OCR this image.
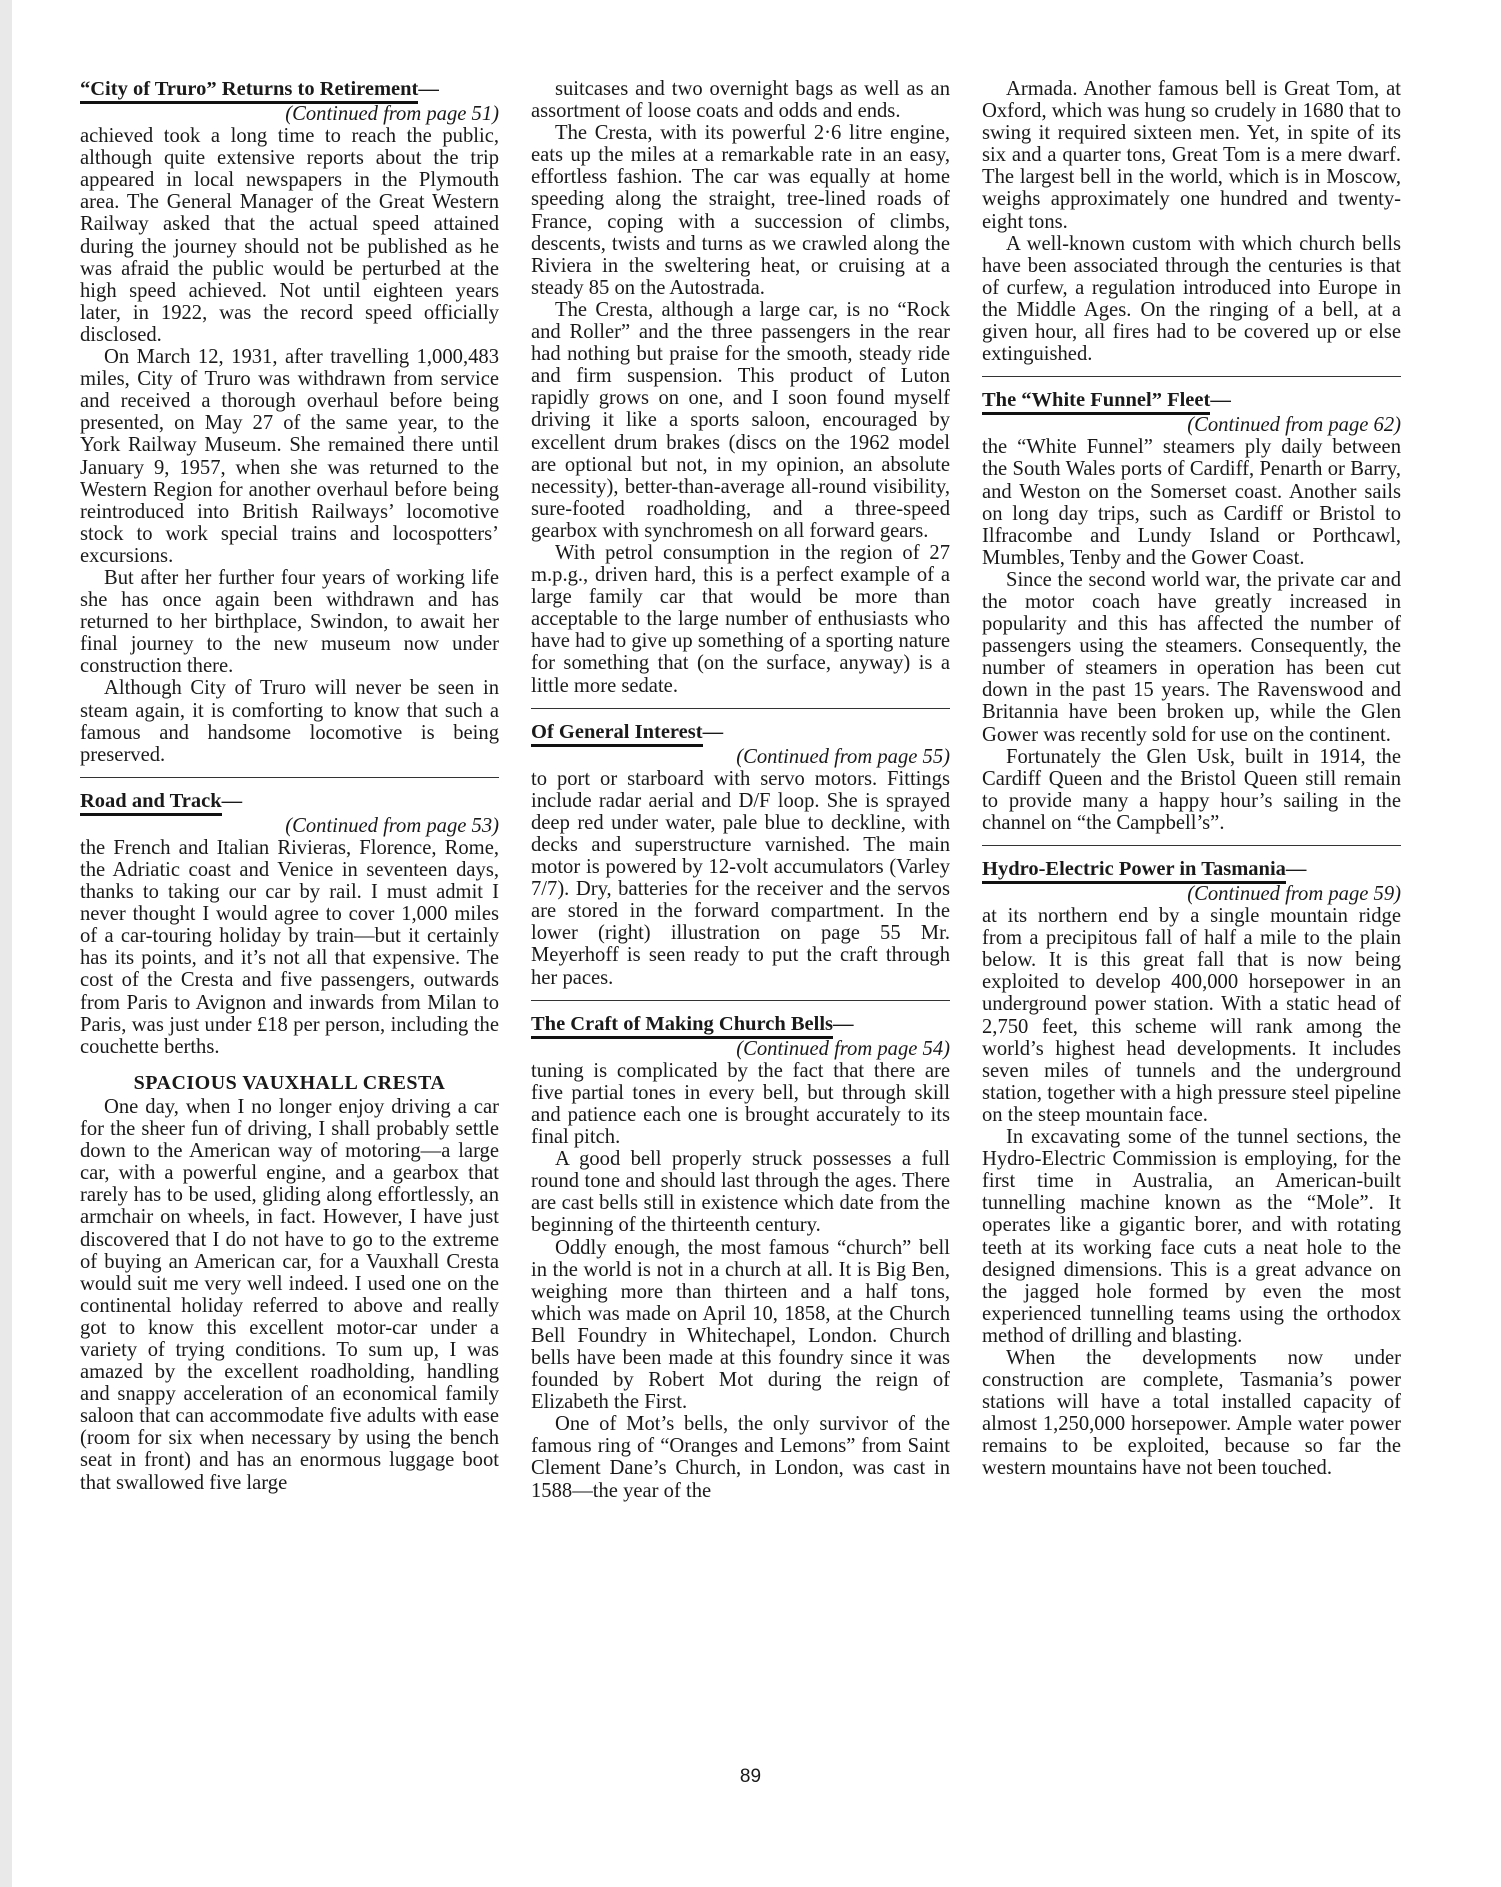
“City of Truro” Returns to Retirement—
(Continued from page 51)

achieved took a long time to reach the public, although quite extensive reports about the trip appeared in local newspapers in the Plymouth area. The General Manager of the Great Western Railway asked that the actual speed attained during the journey should not be published as he was afraid the public would be perturbed at the high speed achieved. Not until eighteen years later, in 1922, was the record speed officially disclosed.

On March 12, 1931, after travelling 1,000,483 miles, City of Truro was withdrawn from service and received a thorough overhaul before being presented, on May 27 of the same year, to the York Railway Museum. She remained there until January 9, 1957, when she was returned to the Western Region for another overhaul before being reintroduced into British Railways’ locomotive stock to work special trains and locospotters’ excursions.

But after her further four years of working life she has once again been withdrawn and has returned to her birthplace, Swindon, to await her final journey to the new museum now under construction there.

Although City of Truro will never be seen in steam again, it is comforting to know that such a famous and handsome locomotive is being preserved.

Road and Track—
(Continued from page 53)

the French and Italian Rivieras, Florence, Rome, the Adriatic coast and Venice in seventeen days, thanks to taking our car by rail. I must admit I never thought I would agree to cover 1,000 miles of a car-touring holiday by train—but it certainly has its points, and it’s not all that expensive. The cost of the Cresta and five passengers, outwards from Paris to Avignon and inwards from Milan to Paris, was just under £18 per person, including the couchette berths.

SPACIOUS VAUXHALL CRESTA

One day, when I no longer enjoy driving a car for the sheer fun of driving, I shall probably settle down to the American way of motoring—a large car, with a powerful engine, and a gearbox that rarely has to be used, gliding along effortlessly, an armchair on wheels, in fact. However, I have just discovered that I do not have to go to the extreme of buying an American car, for a Vauxhall Cresta would suit me very well indeed. I used one on the continental holiday referred to above and really got to know this excellent motor-car under a variety of trying conditions. To sum up, I was amazed by the excellent roadholding, handling and snappy acceleration of an economical family saloon that can accommodate five adults with ease (room for six when necessary by using the bench seat in front) and has an enormous luggage boot that swallowed five large

suitcases and two overnight bags as well as an assortment of loose coats and odds and ends.

The Cresta, with its powerful 2·6 litre engine, eats up the miles at a remarkable rate in an easy, effortless fashion. The car was equally at home speeding along the straight, tree-lined roads of France, coping with a succession of climbs, descents, twists and turns as we crawled along the Riviera in the sweltering heat, or cruising at a steady 85 on the Autostrada.

The Cresta, although a large car, is no “Rock and Roller” and the three passengers in the rear had nothing but praise for the smooth, steady ride and firm suspension. This product of Luton rapidly grows on one, and I soon found myself driving it like a sports saloon, encouraged by excellent drum brakes (discs on the 1962 model are optional but not, in my opinion, an absolute necessity), better-than-average all-round visibility, sure-footed roadholding, and a three-speed gearbox with synchromesh on all forward gears.

With petrol consumption in the region of 27 m.p.g., driven hard, this is a perfect example of a large family car that would be more than acceptable to the large number of enthusiasts who have had to give up something of a sporting nature for something that (on the surface, anyway) is a little more sedate.

Of General Interest—
(Continued from page 55)

to port or starboard with servo motors. Fittings include radar aerial and D/F loop. She is sprayed deep red under water, pale blue to deckline, with decks and superstructure varnished. The main motor is powered by 12-volt accumulators (Varley 7/7). Dry, batteries for the receiver and the servos are stored in the forward compartment. In the lower (right) illustration on page 55 Mr. Meyerhoff is seen ready to put the craft through her paces.

The Craft of Making Church Bells—
(Continued from page 54)

tuning is complicated by the fact that there are five partial tones in every bell, but through skill and patience each one is brought accurately to its final pitch.

A good bell properly struck possesses a full round tone and should last through the ages. There are cast bells still in existence which date from the beginning of the thirteenth century.

Oddly enough, the most famous “church” bell in the world is not in a church at all. It is Big Ben, weighing more than thirteen and a half tons, which was made on April 10, 1858, at the Church Bell Foundry in Whitechapel, London. Church bells have been made at this foundry since it was founded by Robert Mot during the reign of Elizabeth the First.

One of Mot’s bells, the only survivor of the famous ring of “Oranges and Lemons” from Saint Clement Dane’s Church, in London, was cast in 1588—the year of the

Armada. Another famous bell is Great Tom, at Oxford, which was hung so crudely in 1680 that to swing it required sixteen men. Yet, in spite of its six and a quarter tons, Great Tom is a mere dwarf. The largest bell in the world, which is in Moscow, weighs approximately one hundred and twenty-eight tons.

A well-known custom with which church bells have been associated through the centuries is that of curfew, a regulation introduced into Europe in the Middle Ages. On the ringing of a bell, at a given hour, all fires had to be covered up or else extinguished.

The “White Funnel” Fleet—
(Continued from page 62)

the “White Funnel” steamers ply daily between the South Wales ports of Cardiff, Penarth or Barry, and Weston on the Somerset coast. Another sails on long day trips, such as Cardiff or Bristol to Ilfracombe and Lundy Island or Porthcawl, Mumbles, Tenby and the Gower Coast.

Since the second world war, the private car and the motor coach have greatly increased in popularity and this has affected the number of passengers using the steamers. Consequently, the number of steamers in operation has been cut down in the past 15 years. The Ravenswood and Britannia have been broken up, while the Glen Gower was recently sold for use on the continent.

Fortunately the Glen Usk, built in 1914, the Cardiff Queen and the Bristol Queen still remain to provide many a happy hour’s sailing in the channel on “the Campbell’s”.

Hydro-Electric Power in Tasmania—
(Continued from page 59)

at its northern end by a single mountain ridge from a precipitous fall of half a mile to the plain below. It is this great fall that is now being exploited to develop 400,000 horsepower in an underground power station. With a static head of 2,750 feet, this scheme will rank among the world’s highest head developments. It includes seven miles of tunnels and the underground station, together with a high pressure steel pipeline on the steep mountain face.

In excavating some of the tunnel sections, the Hydro-Electric Commission is employing, for the first time in Australia, an American-built tunnelling machine known as the “Mole”. It operates like a gigantic borer, and with rotating teeth at its working face cuts a neat hole to the designed dimensions. This is a great advance on the jagged hole formed by even the most experienced tunnelling teams using the orthodox method of drilling and blasting.

When the developments now under construction are complete, Tasmania’s power stations will have a total installed capacity of almost 1,250,000 horsepower. Ample water power remains to be exploited, because so far the western mountains have not been touched.

89
